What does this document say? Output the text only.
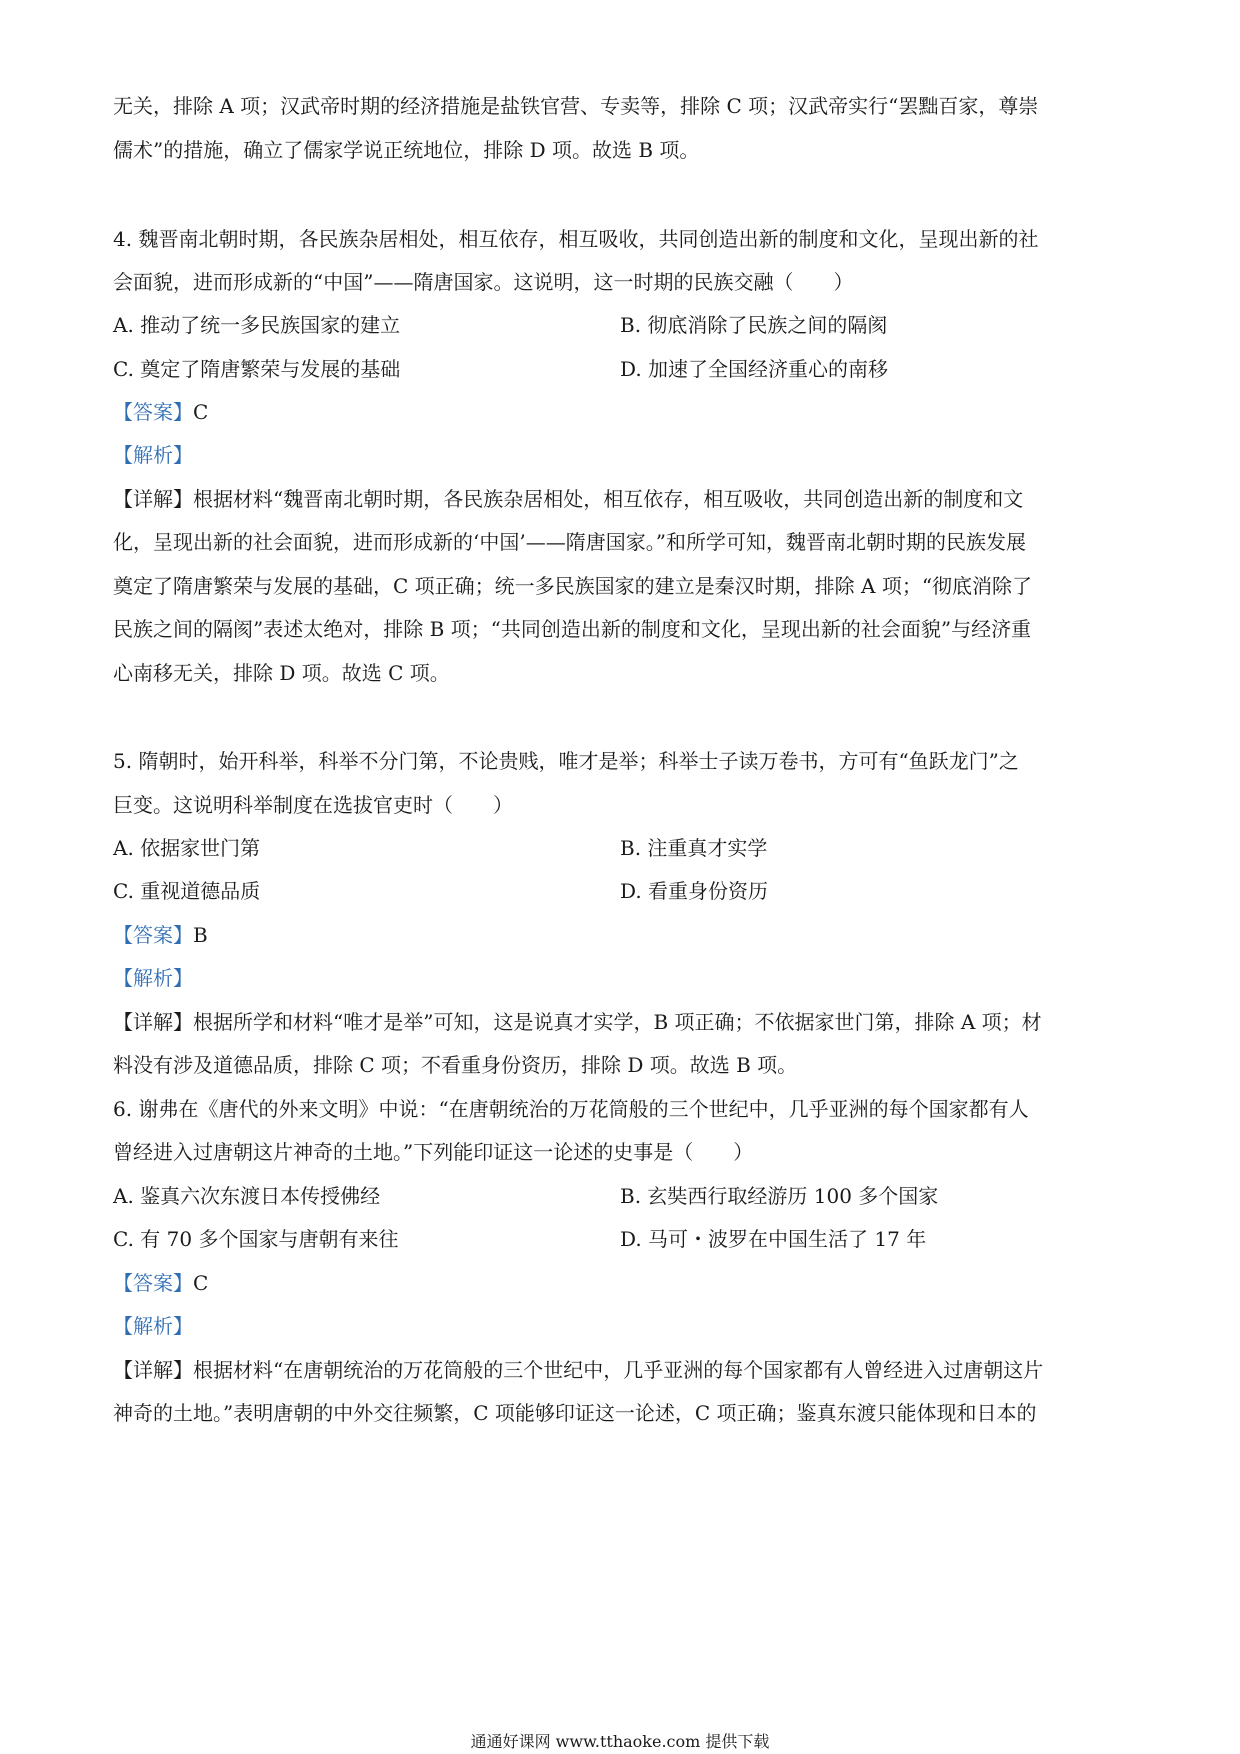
无关，排除 A 项；汉武帝时期的经济措施是盐铁官营、专卖等，排除 C 项；汉武帝实行“罢黜百家，尊崇
儒术”的措施，确立了儒家学说正统地位，排除 D 项。故选 B 项。
4. 魏晋南北朝时期，各民族杂居相处，相互依存，相互吸收，共同创造出新的制度和文化，呈现出新的社
会面貌，进而形成新的“中国”——隋唐国家。这说明，这一时期的民族交融（　　）
A. 推动了统一多民族国家的建立	B. 彻底消除了民族之间的隔阂
C. 奠定了隋唐繁荣与发展的基础	D. 加速了全国经济重心的南移
【答案】C
【解析】
【详解】根据材料“魏晋南北朝时期，各民族杂居相处，相互依存，相互吸收，共同创造出新的制度和文
化，呈现出新的社会面貌，进而形成新的‘中国’——隋唐国家。”和所学可知，魏晋南北朝时期的民族发展
奠定了隋唐繁荣与发展的基础，C 项正确；统一多民族国家的建立是秦汉时期，排除 A 项；“彻底消除了
民族之间的隔阂”表述太绝对，排除 B 项；“共同创造出新的制度和文化，呈现出新的社会面貌”与经济重
心南移无关，排除 D 项。故选 C 项。
5. 隋朝时，始开科举，科举不分门第，不论贵贱，唯才是举；科举士子读万卷书，方可有“鱼跃龙门”之
巨变。这说明科举制度在选拔官吏时（　　）
A. 依据家世门第	B. 注重真才实学
C. 重视道德品质	D. 看重身份资历
【答案】B
【解析】
【详解】根据所学和材料“唯才是举”可知，这是说真才实学，B 项正确；不依据家世门第，排除 A 项；材
料没有涉及道德品质，排除 C 项；不看重身份资历，排除 D 项。故选 B 项。
6. 谢弗在《唐代的外来文明》中说：“在唐朝统治的万花筒般的三个世纪中，几乎亚洲的每个国家都有人
曾经进入过唐朝这片神奇的土地。”下列能印证这一论述的史事是（　　）
A. 鉴真六次东渡日本传授佛经	B. 玄奘西行取经游历 100 多个国家
C. 有 70 多个国家与唐朝有来往	D. 马可・波罗在中国生活了 17 年
【答案】C
【解析】
【详解】根据材料“在唐朝统治的万花筒般的三个世纪中，几乎亚洲的每个国家都有人曾经进入过唐朝这片
神奇的土地。”表明唐朝的中外交往频繁，C 项能够印证这一论述，C 项正确；鉴真东渡只能体现和日本的
通通好课网 www.tthaoke.com 提供下载
